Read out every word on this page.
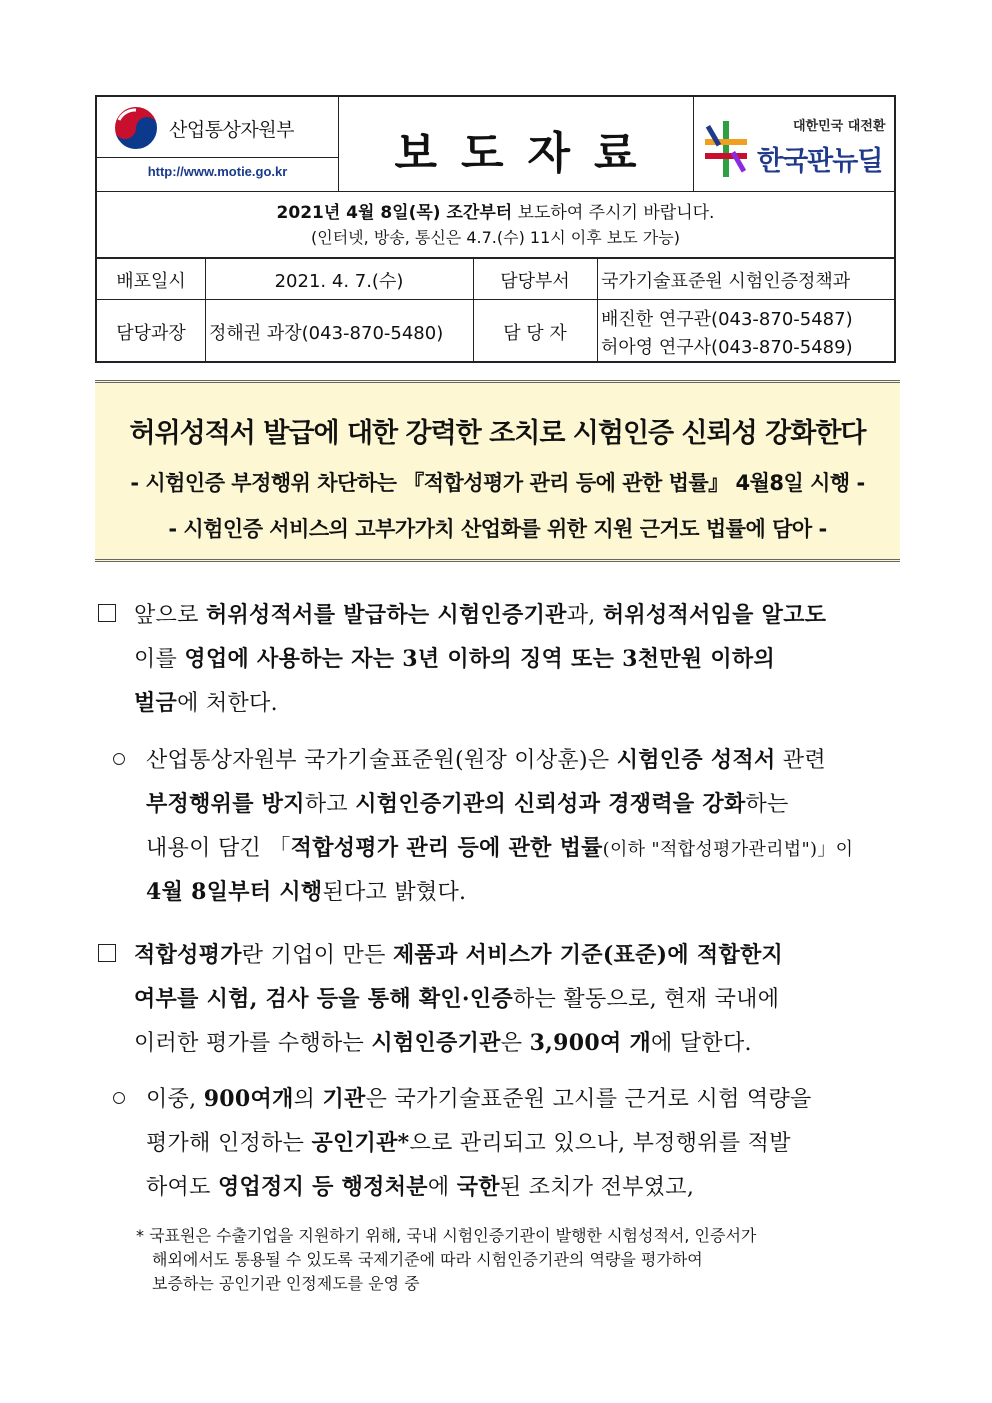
산업통상자원부
http://www.motie.go.kr	보도자료
대한민국 대전환
한국판뉴딜
2021년 4월 8일(목) 조간부터 보도하여 주시기 바랍니다.
(인터넷, 방송, 통신은 4.7.(수) 11시 이후 보도 가능)
배포일시	2021. 4. 7.(수)	담당부서	국가기술표준원 시험인증정책과
담당과장	정해권 과장(043-870-5480)	담 당 자
배진한 연구관(043-870-5487)
허아영 연구사(043-870-5489)
허위성적서 발급에 대한 강력한 조치로 시험인증 신뢰성 강화한다
- 시험인증 부정행위 차단하는 『적합성평가 관리 등에 관한 법률』 4월8일 시행 -
- 시험인증 서비스의 고부가가치 산업화를 위한 지원 근거도 법률에 담아 -
앞으로 허위성적서를 발급하는 시험인증기관과, 허위성적서임을 알고도
이를 영업에 사용하는 자는 3년 이하의 징역 또는 3천만원 이하의
벌금에 처한다.
산업통상자원부 국가기술표준원(원장 이상훈)은 시험인증 성적서 관련
부정행위를 방지하고 시험인증기관의 신뢰성과 경쟁력을 강화하는
내용이 담긴 「적합성평가 관리 등에 관한 법률(이하 "적합성평가관리법")」이
4월 8일부터 시행된다고 밝혔다.
적합성평가란 기업이 만든 제품과 서비스가 기준(표준)에 적합한지
여부를 시험, 검사 등을 통해 확인·인증하는 활동으로, 현재 국내에
이러한 평가를 수행하는 시험인증기관은 3,900여 개에 달한다.
이중, 900여개의 기관은 국가기술표준원 고시를 근거로 시험 역량을
평가해 인정하는 공인기관*으로 관리되고 있으나, 부정행위를 적발
하여도 영업정지 등 행정처분에 국한된 조치가 전부였고,
* 국표원은 수출기업을 지원하기 위해, 국내 시험인증기관이 발행한 시험성적서, 인증서가
해외에서도 통용될 수 있도록 국제기준에 따라 시험인증기관의 역량을 평가하여
보증하는 공인기관 인정제도를 운영 중
